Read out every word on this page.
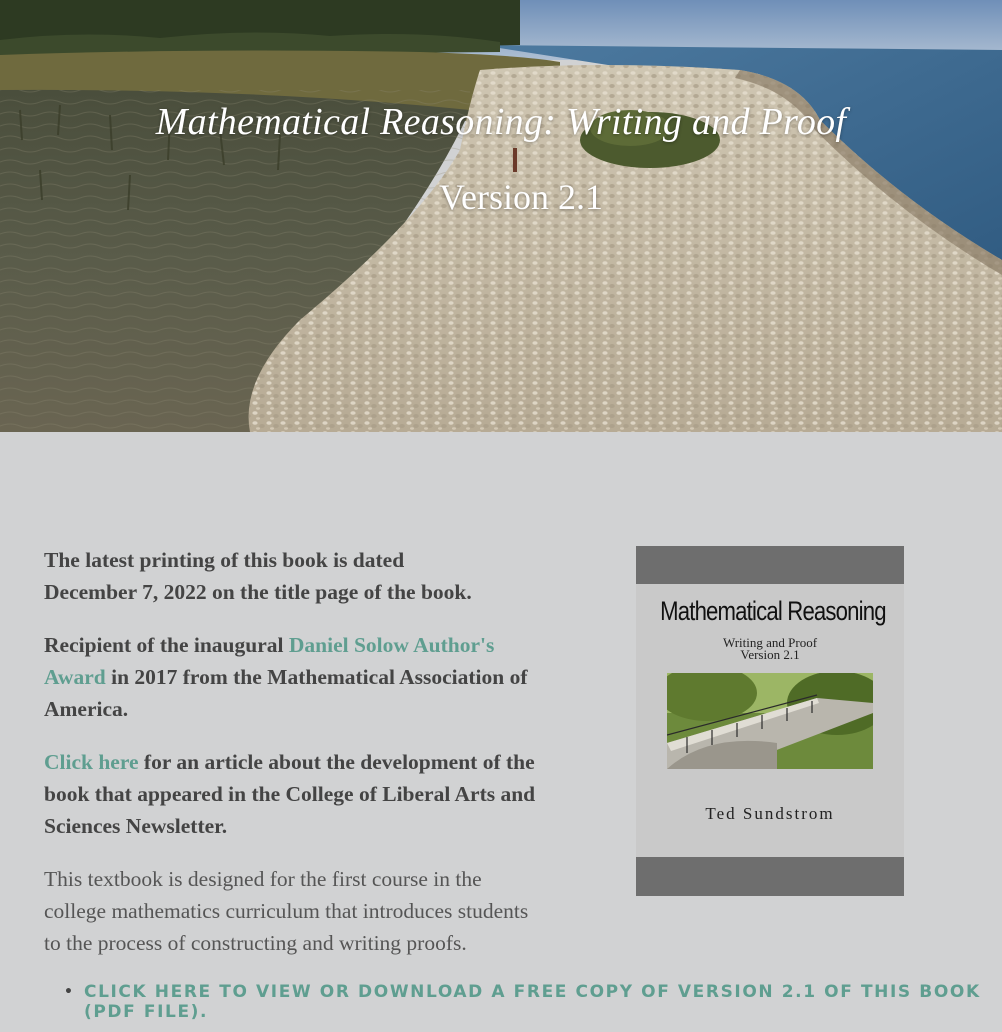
Mathematical Reasoning: Writing and Proof
Version 2.1

The latest printing of this book is dated
December 7, 2022 on the title page of the book.

Recipient of the inaugural Daniel Solow Author's Award in 2017 from the Mathematical Association of America.

Click here for an article about the development of the book that appeared in the College of Liberal Arts and Sciences Newsletter.

This textbook is designed for the first course in the college mathematics curriculum that introduces students to the process of constructing and writing proofs.

• CLICK HERE TO VIEW OR DOWNLOAD A FREE COPY OF VERSION 2.1 OF THIS BOOK (PDF FILE).
Mathematical Reasoning
Writing and Proof
Version 2.1
Ted Sundstrom
